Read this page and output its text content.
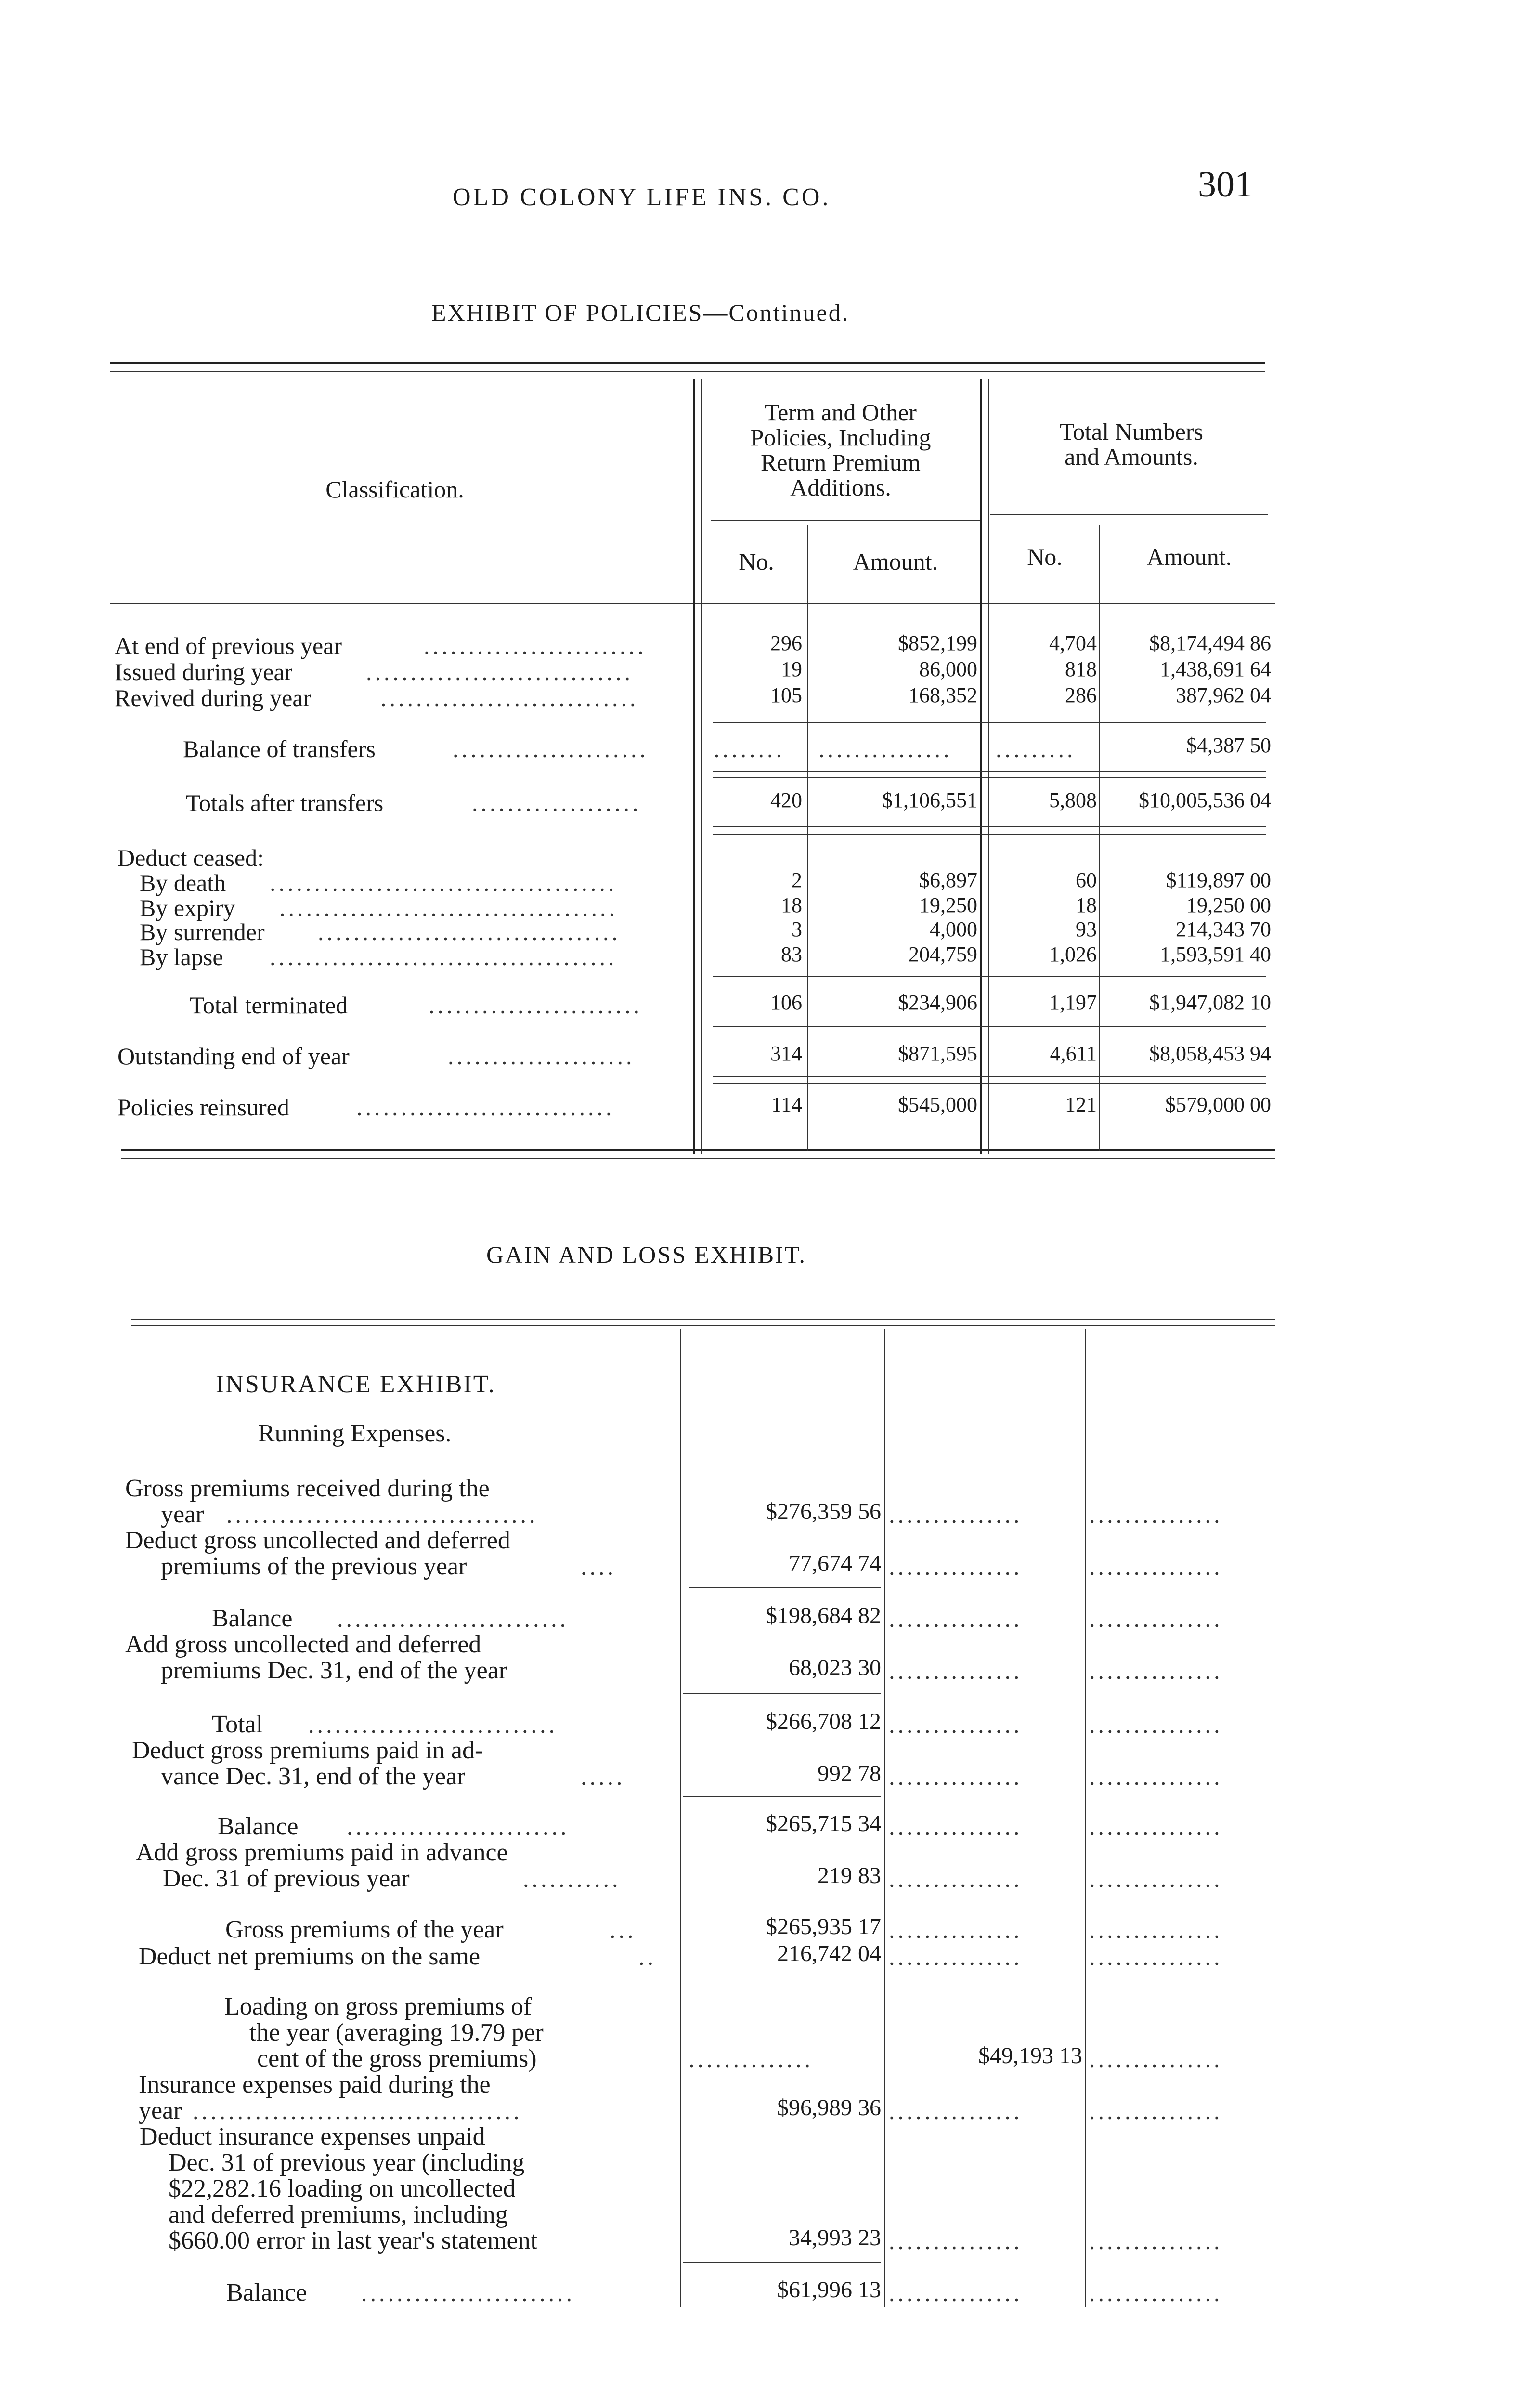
OLD COLONY LIFE INS. CO.	301
EXHIBIT OF POLICIES—Continued.
Classification.
Term and Other
Policies, Including
Return Premium
Additions.
Total Numbers
and Amounts.
No.	Amount.	No.	Amount.
At end of previous year	.........................	296	$852,199	4,704	$8,174,494 86
Issued during year	..............................	19	86,000	818	1,438,691 64
Revived during year	.............................	105	168,352	286	387,962 04
Balance of transfers	......................	........	...............	.........	$4,387 50
Totals after transfers	...................	420	$1,106,551	5,808	$10,005,536 04
Deduct ceased:
By death .......................................	2	$6,897	60	$119,897 00
By expiry ......................................	18	19,250	18	19,250 00
By surrender ..................................	3	4,000	93	214,343 70
By lapse .......................................	83	204,759	1,026	1,593,591 40
Total terminated	........................	106	$234,906	1,197	$1,947,082 10
Outstanding end of year	.....................	314	$871,595	4,611	$8,058,453 94
Policies reinsured	.............................	114	$545,000	121	$579,000 00
GAIN AND LOSS EXHIBIT.
INSURANCE EXHIBIT.
Running Expenses.
Gross premiums received during the
year ...................................	$276,359 56 ...............	...............
Deduct gross uncollected and deferred
premiums of the previous year	....	77,674 74 ...............	...............
Balance ..........................	$198,684 82 ...............	...............
Add gross uncollected and deferred
premiums Dec. 31, end of the year	68,023 30 ...............	...............
Total ............................	$266,708 12 ...............	...............
Deduct gross premiums paid in ad-
vance Dec. 31, end of the year	.....	992 78 ...............	...............
Balance .........................	$265,715 34 ...............	...............
Add gross premiums paid in advance
Dec. 31 of previous year	...........	219 83 ...............	...............
Gross premiums of the year	...	$265,935 17 ...............	...............
Deduct net premiums on the same	..	216,742 04 ...............	...............
Loading on gross premiums of
the year (averaging 19.79 per
cent of the gross premiums)	..............	$49,193 13 ...............
Insurance expenses paid during the
year .....................................	$96,989 36 ...............	...............
Deduct insurance expenses unpaid
Dec. 31 of previous year (including
$22,282.16 loading on uncollected
and deferred premiums, including
$660.00 error in last year's statement	34,993 23 ...............	...............
Balance ........................	$61,996 13 ...............	...............
